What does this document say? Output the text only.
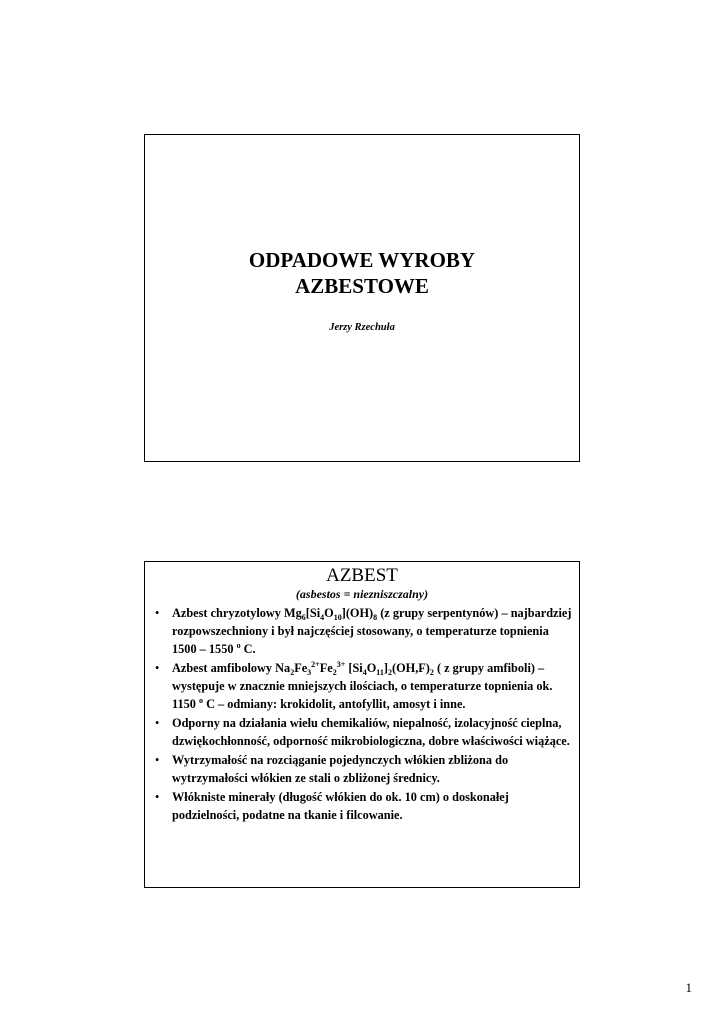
ODPADOWE WYROBY
AZBESTOWE
Jerzy Rzechuła
AZBEST
(asbestos = niezniszczalny)
• Azbest chryzotylowy $Mg_6[Si_4O_{10}](OH)_8$ (z grupy serpentynów) – najbardziej rozpowszechniony i był najczęściej stosowany, o temperaturze topnienia 1500 – 1550 $^o$ C.
• Azbest amfibolowy $Na_2Fe_3^{2+}Fe_2^{3+}$ $[Si_4O_{11}]_2(OH,F)_2$ ( z grupy amfiboli) – występuje w znacznie mniejszych ilościach, o temperaturze topnienia ok. 1150 $^o$ C – odmiany: krokidolit, antofyllit, amosyt i inne.
• Odporny na działania wielu chemikaliów, niepalność, izolacyjność cieplna, dzwiękochłonność, odporność mikrobiologiczna, dobre właściwości wiążące.
• Wytrzymałość na rozciąganie pojedynczych włókien zbliżona do wytrzymałości włókien ze stali o zbliżonej średnicy.
• Włókniste minerały (długość włókien do ok. 10 cm) o doskonałej podzielności, podatne na tkanie i filcowanie.
1
